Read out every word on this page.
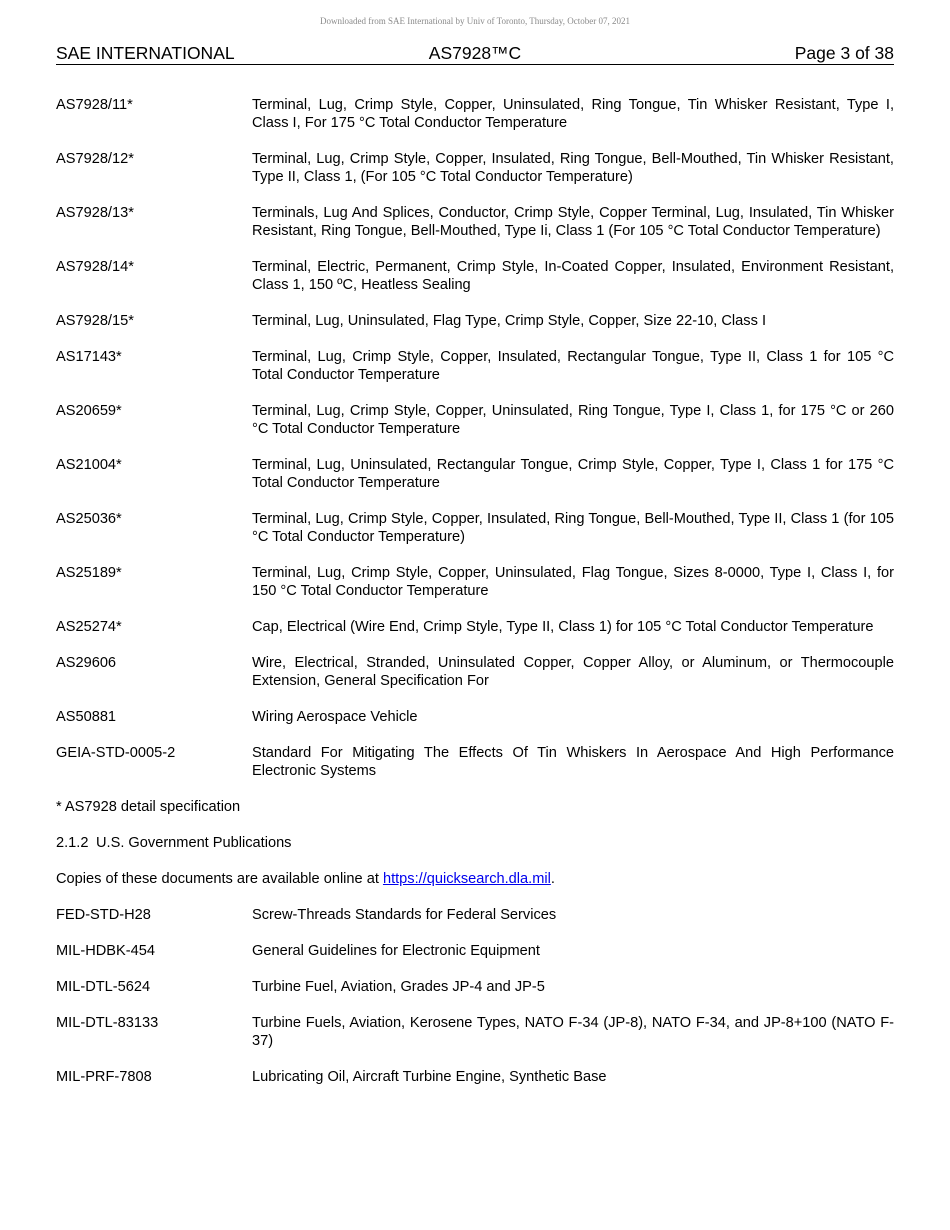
Downloaded from SAE International by Univ of Toronto, Thursday, October 07, 2021
SAE INTERNATIONAL	AS7928™C	Page 3 of 38
AS7928/11*	Terminal, Lug, Crimp Style, Copper, Uninsulated, Ring Tongue, Tin Whisker Resistant, Type I, Class I, For 175 °C Total Conductor Temperature
AS7928/12*	Terminal, Lug, Crimp Style, Copper, Insulated, Ring Tongue, Bell-Mouthed, Tin Whisker Resistant, Type II, Class 1, (For 105 °C Total Conductor Temperature)
AS7928/13*	Terminals, Lug And Splices, Conductor, Crimp Style, Copper Terminal, Lug, Insulated, Tin Whisker Resistant, Ring Tongue, Bell-Mouthed, Type Ii, Class 1 (For 105 °C Total Conductor Temperature)
AS7928/14*	Terminal, Electric, Permanent, Crimp Style, In-Coated Copper, Insulated, Environment Resistant, Class 1, 150 ºC, Heatless Sealing
AS7928/15*	Terminal, Lug, Uninsulated, Flag Type, Crimp Style, Copper, Size 22-10, Class I
AS17143*	Terminal, Lug, Crimp Style, Copper, Insulated, Rectangular Tongue, Type II, Class 1 for 105 °C Total Conductor Temperature
AS20659*	Terminal, Lug, Crimp Style, Copper, Uninsulated, Ring Tongue, Type I, Class 1, for 175 °C or 260 °C Total Conductor Temperature
AS21004*	Terminal, Lug, Uninsulated, Rectangular Tongue, Crimp Style, Copper, Type I, Class 1 for 175 °C Total Conductor Temperature
AS25036*	Terminal, Lug, Crimp Style, Copper, Insulated, Ring Tongue, Bell-Mouthed, Type II, Class 1 (for 105 °C Total Conductor Temperature)
AS25189*	Terminal, Lug, Crimp Style, Copper, Uninsulated, Flag Tongue, Sizes 8-0000, Type I, Class I, for 150 °C Total Conductor Temperature
AS25274*	Cap, Electrical (Wire End, Crimp Style, Type II, Class 1) for 105 °C Total Conductor Temperature
AS29606	Wire, Electrical, Stranded, Uninsulated Copper, Copper Alloy, or Aluminum, or Thermocouple Extension, General Specification For
AS50881	Wiring Aerospace Vehicle
GEIA-STD-0005-2	Standard For Mitigating The Effects Of Tin Whiskers In Aerospace And High Performance Electronic Systems
* AS7928 detail specification
2.1.2 U.S. Government Publications
Copies of these documents are available online at https://quicksearch.dla.mil.
FED-STD-H28	Screw-Threads Standards for Federal Services
MIL-HDBK-454	General Guidelines for Electronic Equipment
MIL-DTL-5624	Turbine Fuel, Aviation, Grades JP-4 and JP-5
MIL-DTL-83133	Turbine Fuels, Aviation, Kerosene Types, NATO F-34 (JP-8), NATO F-34, and JP-8+100 (NATO F-37)
MIL-PRF-7808	Lubricating Oil, Aircraft Turbine Engine, Synthetic Base
